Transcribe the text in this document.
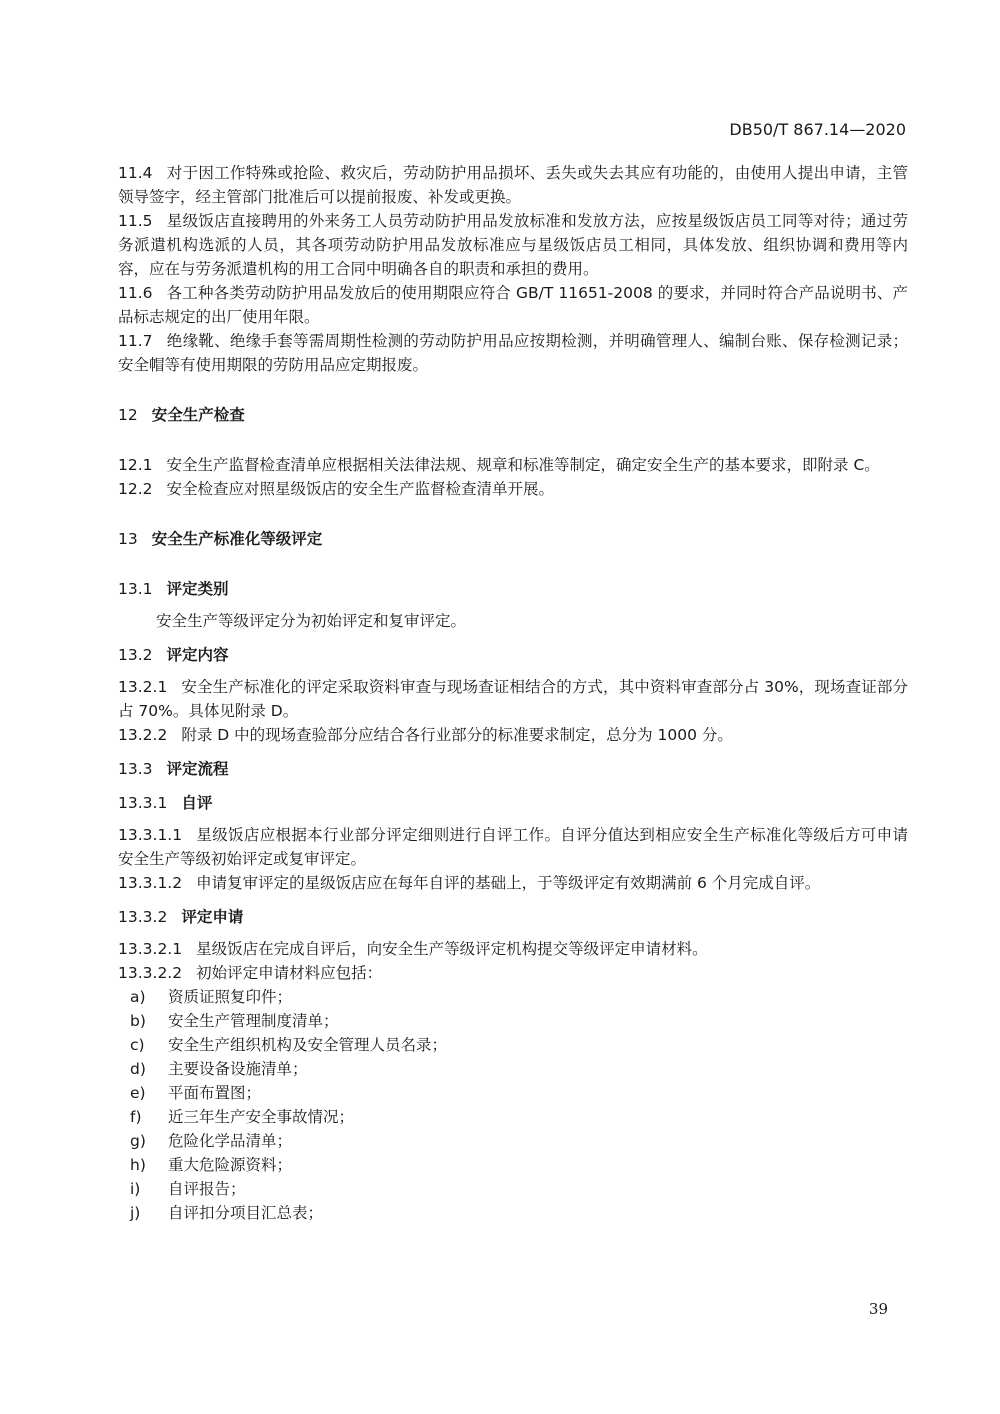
DB50/T 867.14—2020

11.4 对于因工作特殊或抢险、救灾后，劳动防护用品损坏、丢失或失去其应有功能的，由使用人提出申请，主管领导签字，经主管部门批准后可以提前报废、补发或更换。

11.5 星级饭店直接聘用的外来务工人员劳动防护用品发放标准和发放方法，应按星级饭店员工同等对待；通过劳务派遣机构选派的人员，其各项劳动防护用品发放标准应与星级饭店员工相同，具体发放、组织协调和费用等内容，应在与劳务派遣机构的用工合同中明确各自的职责和承担的费用。

11.6 各工种各类劳动防护用品发放后的使用期限应符合 GB/T 11651-2008 的要求，并同时符合产品说明书、产品标志规定的出厂使用年限。

11.7 绝缘靴、绝缘手套等需周期性检测的劳动防护用品应按期检测，并明确管理人、编制台账、保存检测记录；安全帽等有使用期限的劳防用品应定期报废。

12 安全生产检查

12.1 安全生产监督检查清单应根据相关法律法规、规章和标准等制定，确定安全生产的基本要求，即附录 C。

12.2 安全检查应对照星级饭店的安全生产监督检查清单开展。

13 安全生产标准化等级评定

13.1 评定类别

安全生产等级评定分为初始评定和复审评定。

13.2 评定内容

13.2.1 安全生产标准化的评定采取资料审查与现场查证相结合的方式，其中资料审查部分占 30%，现场查证部分占 70%。具体见附录 D。

13.2.2 附录 D 中的现场查验部分应结合各行业部分的标准要求制定，总分为 1000 分。

13.3 评定流程

13.3.1 自评

13.3.1.1 星级饭店应根据本行业部分评定细则进行自评工作。自评分值达到相应安全生产标准化等级后方可申请安全生产等级初始评定或复审评定。

13.3.1.2 申请复审评定的星级饭店应在每年自评的基础上，于等级评定有效期满前 6 个月完成自评。

13.3.2 评定申请

13.3.2.1 星级饭店在完成自评后，向安全生产等级评定机构提交等级评定申请材料。

13.3.2.2 初始评定申请材料应包括：

a) 资质证照复印件；

b) 安全生产管理制度清单；

c) 安全生产组织机构及安全管理人员名录；

d) 主要设备设施清单；

e) 平面布置图；

f) 近三年生产安全事故情况；

g) 危险化学品清单；

h) 重大危险源资料；

i) 自评报告；

j) 自评扣分项目汇总表；

39
